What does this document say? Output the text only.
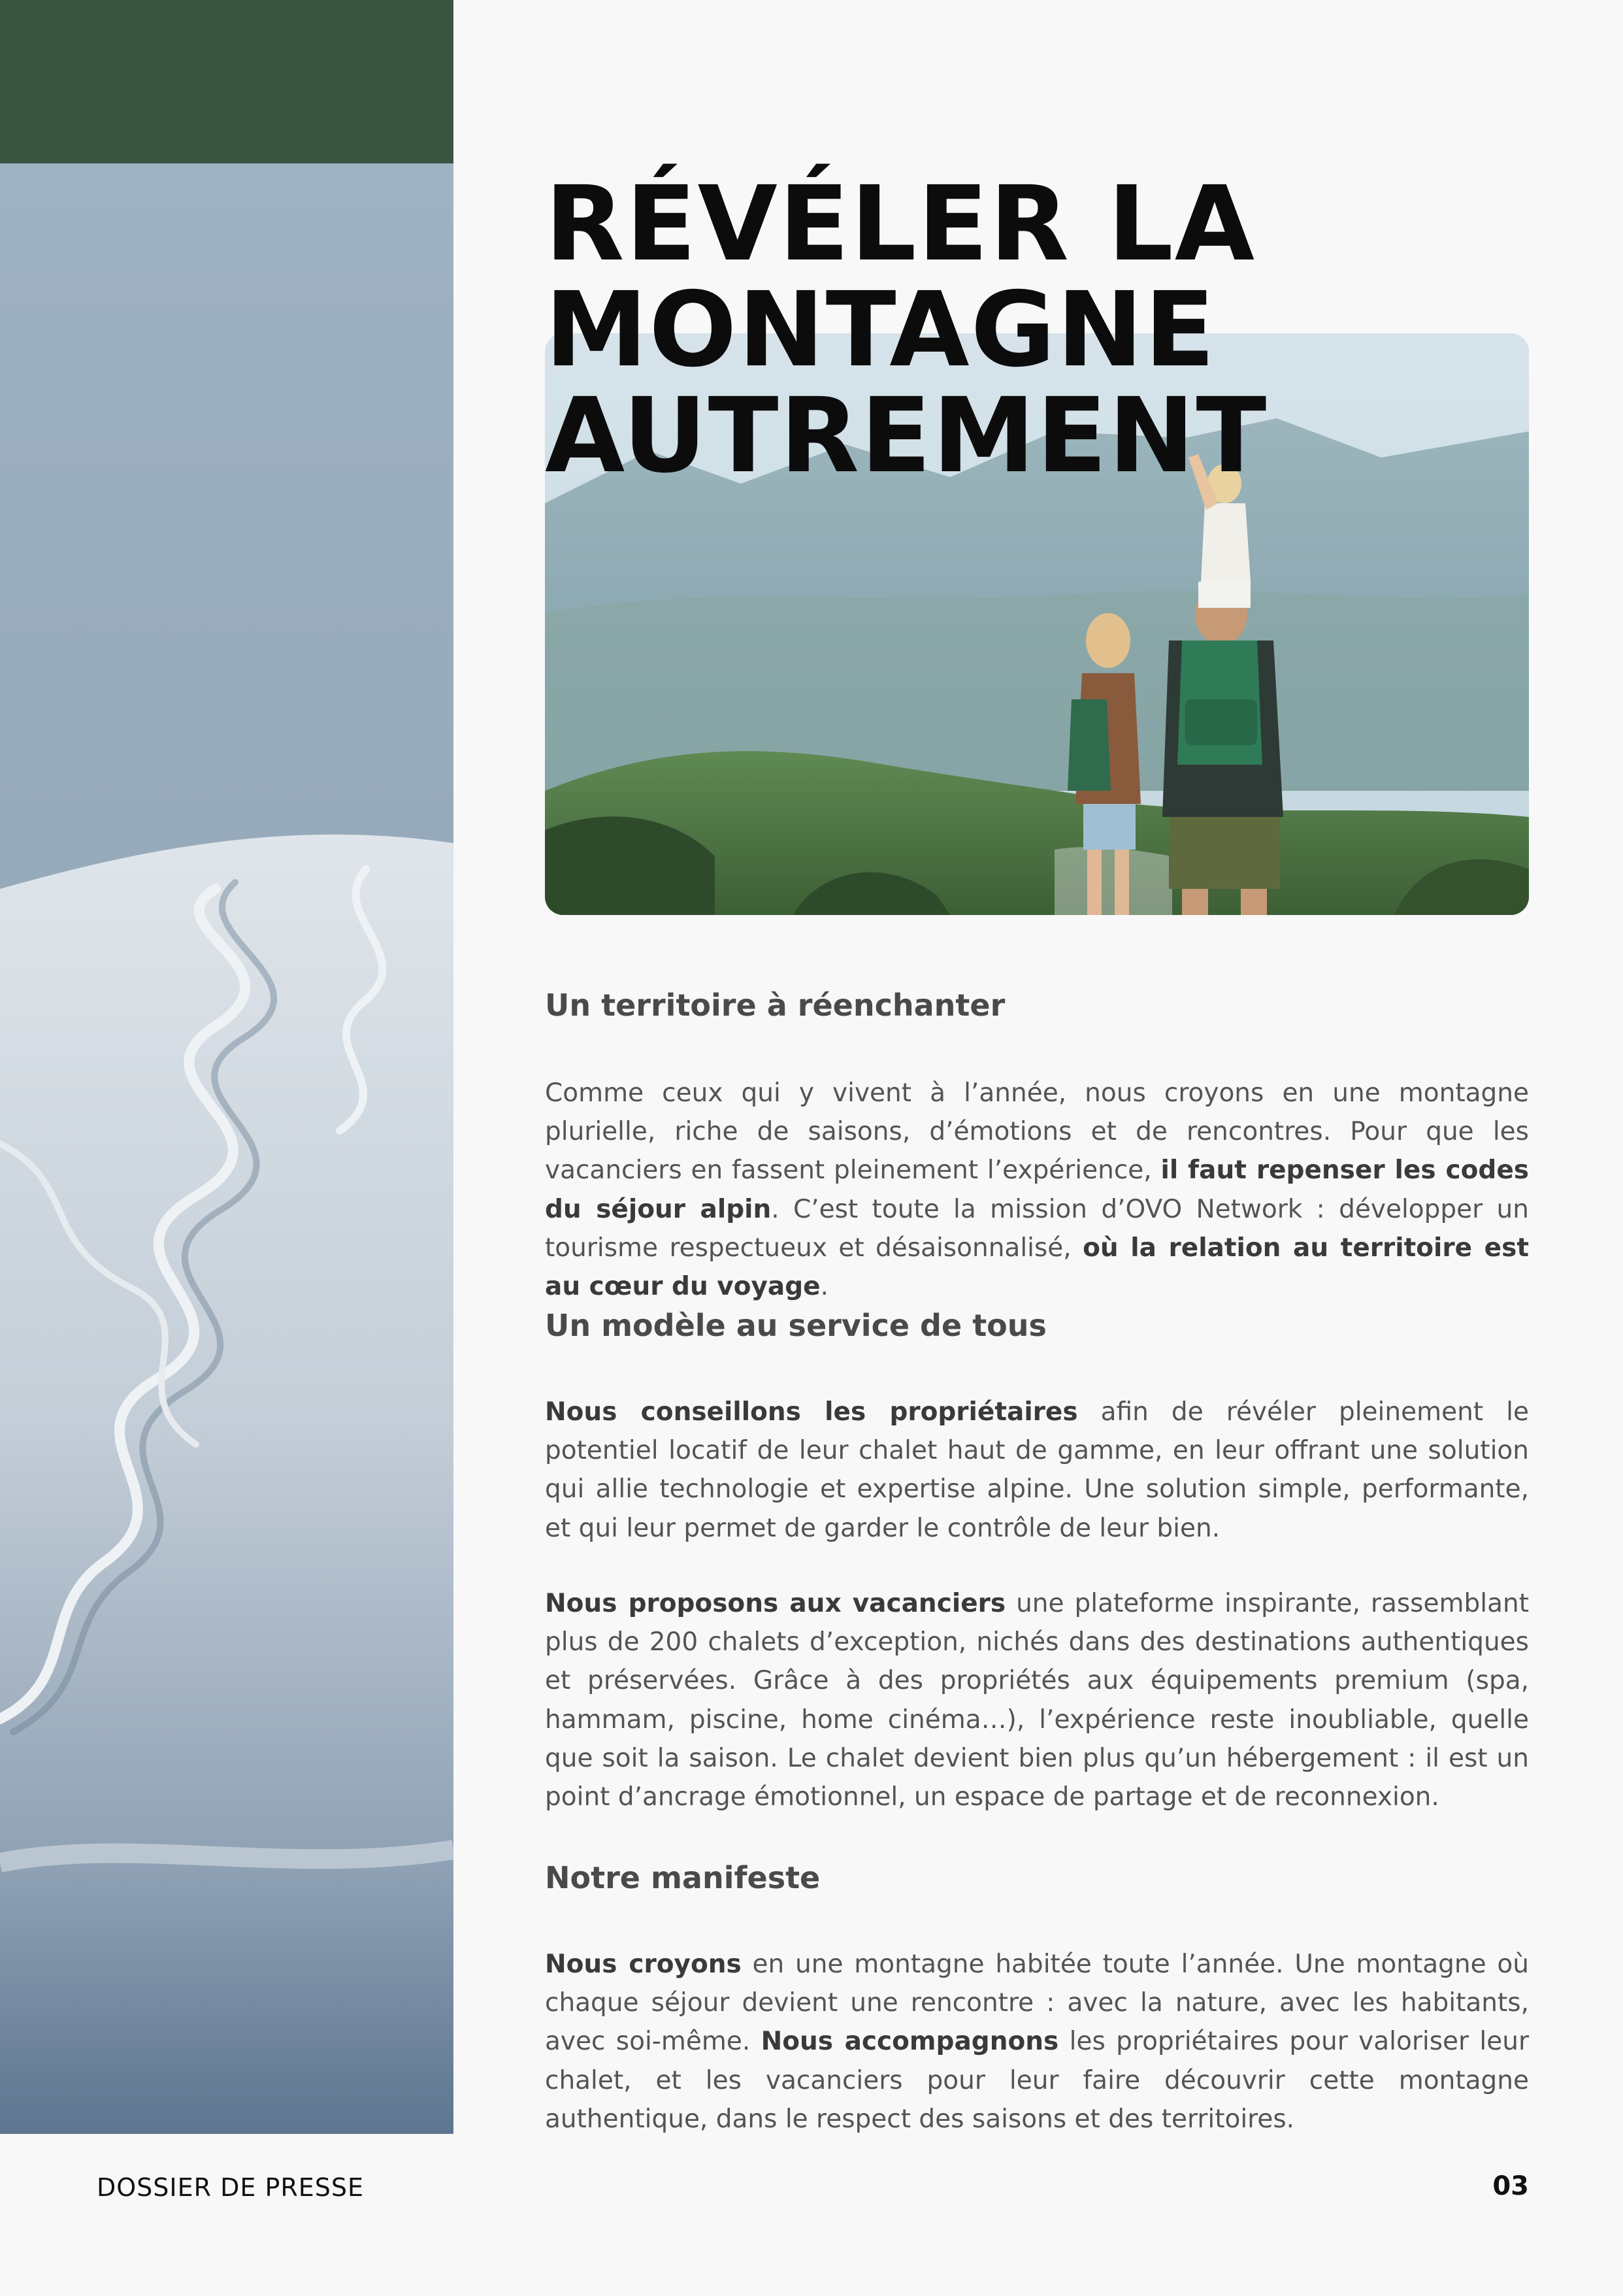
RÉVÉLER LA
MONTAGNE
AUTREMENT
Un territoire à réenchanter

Comme ceux qui y vivent à l’année, nous croyons en une montagne plurielle, riche de saisons, d’émotions et de rencontres. Pour que les vacanciers en fassent pleinement l’expérience, il faut repenser les codes du séjour alpin. C’est toute la mission d’OVO Network : développer un tourisme respectueux et désaisonnalisé, où la relation au territoire est au cœur du voyage.

Un modèle au service de tous

Nous conseillons les propriétaires afin de révéler pleinement le potentiel locatif de leur chalet haut de gamme, en leur offrant une solution qui allie technologie et expertise alpine. Une solution simple, performante, et qui leur permet de garder le contrôle de leur bien.

Nous proposons aux vacanciers une plateforme inspirante, rassemblant plus de 200 chalets d’exception, nichés dans des destinations authentiques et préservées. Grâce à des propriétés aux équipements premium (spa, hammam, piscine, home cinéma…), l’expérience reste inoubliable, quelle que soit la saison. Le chalet devient bien plus qu’un hébergement : il est un point d’ancrage émotionnel, un espace de partage et de reconnexion.

Notre manifeste

Nous croyons en une montagne habitée toute l’année. Une montagne où chaque séjour devient une rencontre : avec la nature, avec les habitants, avec soi-même. Nous accompagnons les propriétaires pour valoriser leur chalet, et les vacanciers pour leur faire découvrir cette montagne authentique, dans le respect des saisons et des territoires.

DOSSIER DE PRESSE	03
